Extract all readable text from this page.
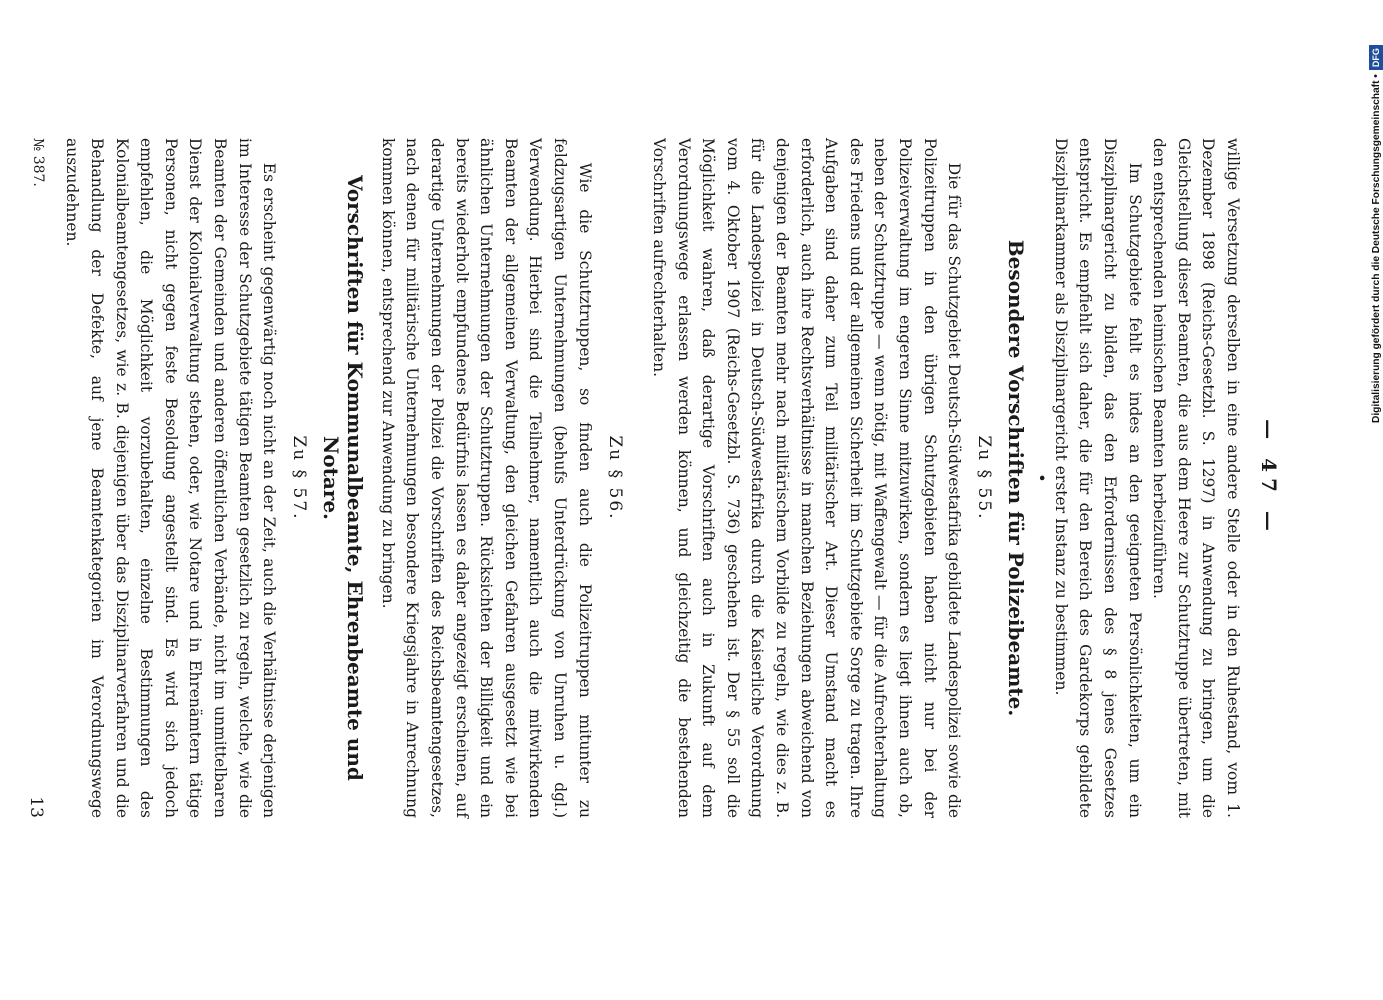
— 47 —

willige Versetzung derselben in eine andere Stelle oder in den Ruhestand, vom 1. Dezember 1898 (Reichs-Gesetzbl. S. 1297) in Anwendung zu bringen, um die Gleichstellung dieser Beamten, die aus dem Heere zur Schutztruppe übertreten, mit den entsprechenden heimischen Beamten herbeizuführen.

Im Schutzgebiete fehlt es indes an den geeigneten Persönlichkeiten, um ein Disziplinargericht zu bilden, das den Erfordernissen des § 8 jenes Gesetzes entspricht. Es empfiehlt sich daher, die für den Bereich des Gardekorps gebildete Disziplinarkammer als Disziplinargericht erster Instanz zu bestimmen.

•
Besondere Vorschriften für Polizeibeamte.
Zu § 55.

Die für das Schutzgebiet Deutsch-Südwestafrika gebildete Landespolizei sowie die Polizeitruppen in den übrigen Schutzgebieten haben nicht nur bei der Polizeiverwaltung im engeren Sinne mitzuwirken, sondern es liegt ihnen auch ob, neben der Schutztruppe — wenn nötig, mit Waffengewalt — für die Aufrechterhaltung des Friedens und der allgemeinen Sicherheit im Schutzgebiete Sorge zu tragen. Ihre Aufgaben sind daher zum Teil militärischer Art. Dieser Umstand macht es erforderlich, auch ihre Rechtsverhältnisse in manchen Beziehungen abweichend von denjenigen der Beamten mehr nach militärischem Vorbilde zu regeln, wie dies z. B. für die Landespolizei in Deutsch-Südwestafrika durch die Kaiserliche Verordnung vom 4. Oktober 1907 (Reichs-Gesetzbl. S. 736) geschehen ist. Der § 55 soll die Möglichkeit wahren, daß derartige Vorschriften auch in Zukunft auf dem Verordnungswege erlassen werden können, und gleichzeitig die bestehenden Vorschriften aufrechterhalten.

Zu § 56.

Wie die Schutztruppen, so finden auch die Polizeitruppen mitunter zu feldzugsartigen Unternehmungen (behufs Unterdrückung von Unruhen u. dgl.) Verwendung. Hierbei sind die Teilnehmer, namentlich auch die mitwirkenden Beamten der allgemeinen Verwaltung, den gleichen Gefahren ausgesetzt wie bei ähnlichen Unternehmungen der Schutztruppen. Rücksichten der Billigkeit und ein bereits wiederholt empfundenes Bedürfnis lassen es daher angezeigt erscheinen, auf derartige Unternehmungen der Polizei die Vorschriften des Reichsbeamtengesetzes, nach denen für militärische Unternehmungen besondere Kriegsjahre in Anrechnung kommen können, entsprechend zur Anwendung zu bringen.

Vorschriften für Kommunalbeamte, Ehrenbeamte und Notare.
Zu § 57.

Es erscheint gegenwärtig noch nicht an der Zeit, auch die Verhältnisse derjenigen im Interesse der Schutzgebiete tätigen Beamten gesetzlich zu regeln, welche, wie die Beamten der Gemeinden und anderen öffentlichen Verbände, nicht im unmittelbaren Dienst der Kolonialverwaltung stehen, oder, wie Notare und in Ehrenämtern tätige Personen, nicht gegen feste Besoldung angestellt sind. Es wird sich jedoch empfehlen, die Möglichkeit vorzubehalten, einzelne Bestimmungen des Kolonialbeamtengesetzes, wie z. B. diejenigen über das Disziplinarverfahren und die Behandlung der Defekte, auf jene Beamtenkategorien im Verordnungswege auszudehnen.

№ 387.
13
Digitalisierung gefördert durch die Deutsche Forschungsgemeinschaft •
DFG
